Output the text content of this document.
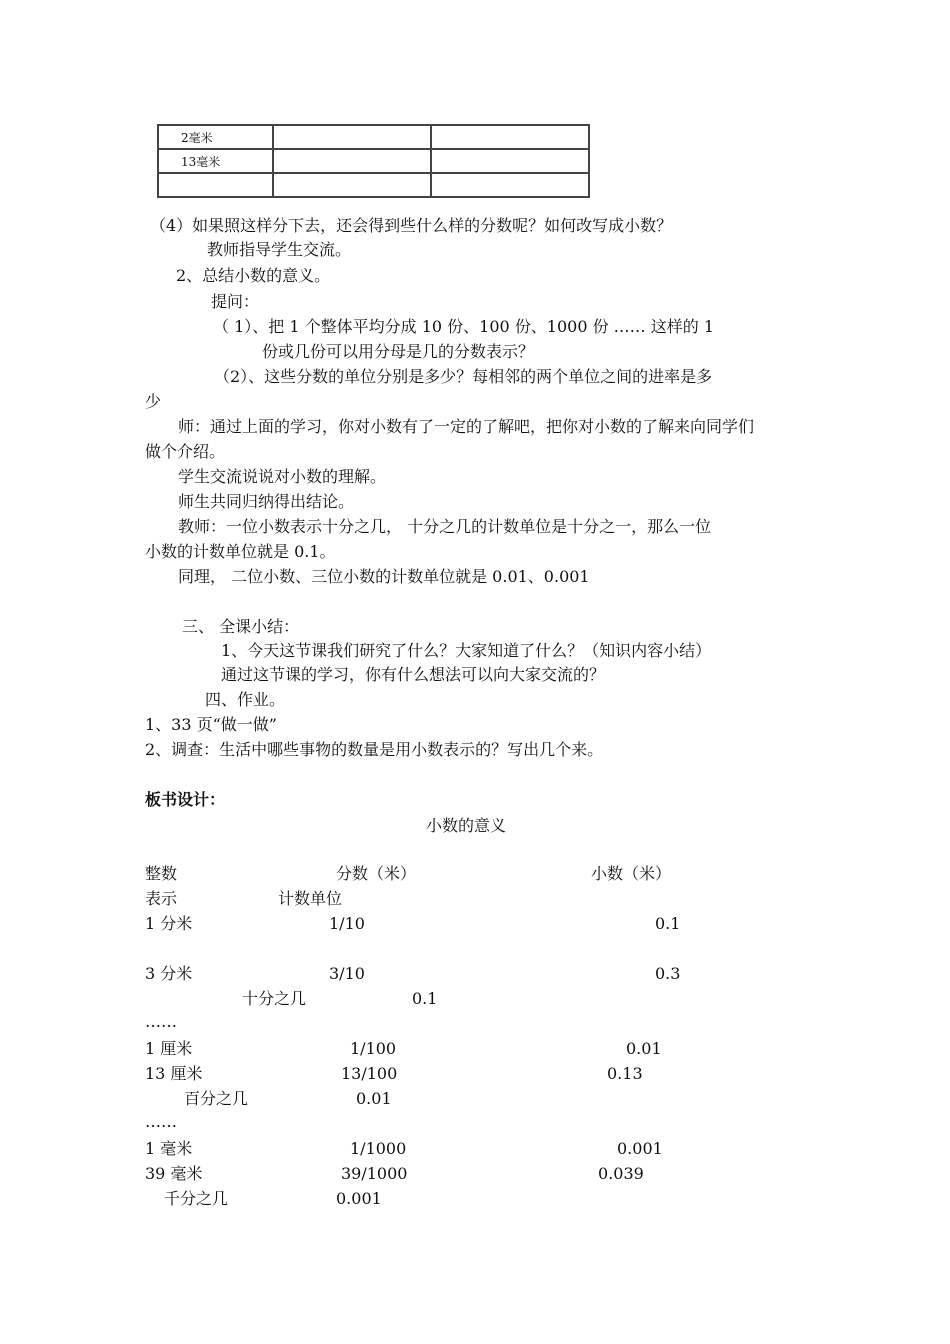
2毫米		
13毫米		

（4）如果照这样分下去，还会得到些什么样的分数呢？如何改写成小数？
教师指导学生交流。
2、总结小数的意义。
提问：
（ 1）、把 1 个整体平均分成 10 份、100 份、1000 份 …… 这样的 1
份或几份可以用分母是几的分数表示？
（2）、这些分数的单位分别是多少？每相邻的两个单位之间的进率是多
少
师：通过上面的学习，你对小数有了一定的了解吧，把你对小数的了解来向同学们
做个介绍。
学生交流说说对小数的理解。
师生共同归纳得出结论。
教师：一位小数表示十分之几， 十分之几的计数单位是十分之一，那么一位
小数的计数单位就是 0.1。
同理， 二位小数、三位小数的计数单位就是 0.01、0.001
三、 全课小结：
1、今天这节课我们研究了什么？大家知道了什么？（知识内容小结）
通过这节课的学习，你有什么想法可以向大家交流的？
四、作业。
1、33 页“做一做”
2、调查：生活中哪些事物的数量是用小数表示的？写出几个来。
板书设计：
小数的意义
整数	分数（米）	小数（米）
表示	计数单位
1 分米	1/10	0.1
3 分米	3/10	0.3
十分之几	0.1
……
1 厘米	1/100	0.01
13 厘米	13/100	0.13
百分之几	0.01
……
1 毫米	1/1000	0.001
39 毫米	39/1000	0.039
千分之几	0.001
